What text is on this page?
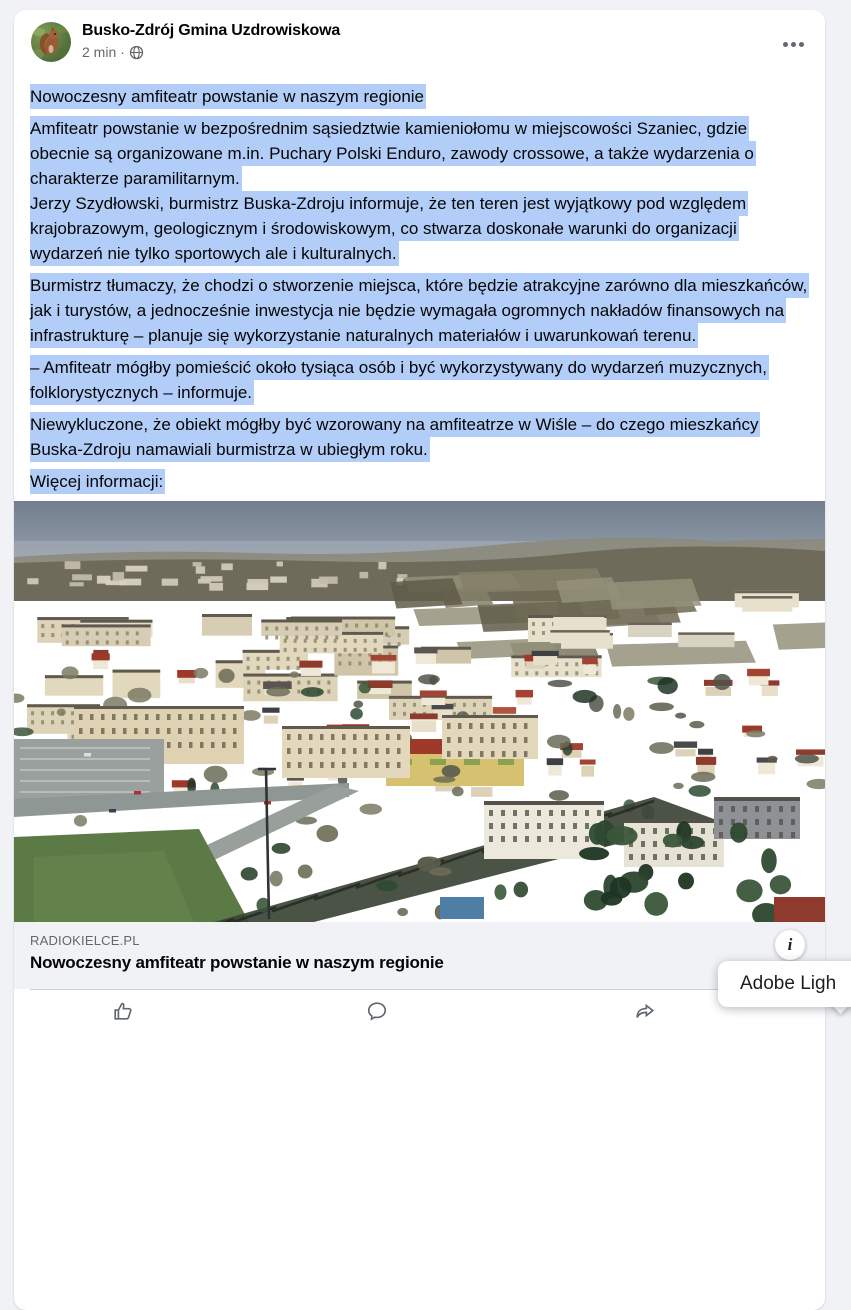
Busko-Zdrój Gmina Uzdrowiskowa
2 min ·

Nowoczesny amfiteatr powstanie w naszym regionie

Amfiteatr powstanie w bezpośrednim sąsiedztwie kamieniołomu w miejscowości Szaniec, gdzie obecnie są organizowane m.in. Puchary Polski Enduro, zawody crossowe, a także wydarzenia o charakterze paramilitarnym.

Jerzy Szydłowski, burmistrz Buska-Zdroju informuje, że ten teren jest wyjątkowy pod względem krajobrazowym, geologicznym i środowiskowym, co stwarza doskonałe warunki do organizacji wydarzeń nie tylko sportowych ale i kulturalnych.

Burmistrz tłumaczy, że chodzi o stworzenie miejsca, które będzie atrakcyjne zarówno dla mieszkańców, jak i turystów, a jednocześnie inwestycja nie będzie wymagała ogromnych nakładów finansowych na infrastrukturę – planuje się wykorzystanie naturalnych materiałów i uwarunkowań terenu.

– Amfiteatr mógłby pomieścić około tysiąca osób i być wykorzystywany do wydarzeń muzycznych, folklorystycznych – informuje.

Niewykluczone, że obiekt mógłby być wzorowany na amfiteatrze w Wiśle – do czego mieszkańcy Buska-Zdroju namawiali burmistrza w ubiegłym roku.

Więcej informacji:

RADIOKIELCE.PL
Nowoczesny amfiteatr powstanie w naszym regionie
i
Adobe Ligh
